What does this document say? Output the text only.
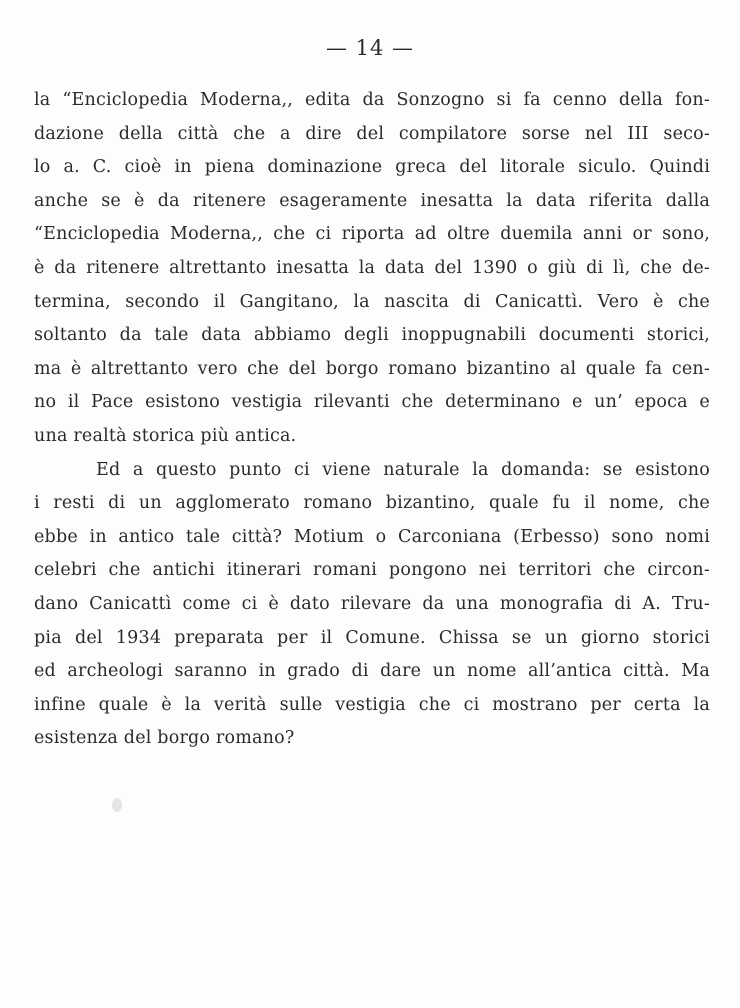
— 14 —
la “Enciclopedia Moderna,, edita da Sonzogno si fa cenno della fon-
dazione della città che a dire del compilatore sorse nel III seco-
lo a. C. cioè in piena dominazione greca del litorale siculo. Quindi
anche se è da ritenere esageramente inesatta la data riferita dalla
“Enciclopedia Moderna,, che ci riporta ad oltre duemila anni or sono,
è da ritenere altrettanto inesatta la data del 1390 o giù di lì, che de-
termina, secondo il Gangitano, la nascita di Canicattì. Vero è che
soltanto da tale data abbiamo degli inoppugnabili documenti storici,
ma è altrettanto vero che del borgo romano bizantino al quale fa cen-
no il Pace esistono vestigia rilevanti che determinano e un’ epoca e
una realtà storica più antica.
Ed a questo punto ci viene naturale la domanda: se esistono
i resti di un agglomerato romano bizantino, quale fu il nome, che
ebbe in antico tale città? Motium o Carconiana (Erbesso) sono nomi
celebri che antichi itinerari romani pongono nei territori che circon-
dano Canicattì come ci è dato rilevare da una monografia di A. Tru-
pia del 1934 preparata per il Comune. Chissa se un giorno storici
ed archeologi saranno in grado di dare un nome all’antica città. Ma
infine quale è la verità sulle vestigia che ci mostrano per certa la
esistenza del borgo romano?
